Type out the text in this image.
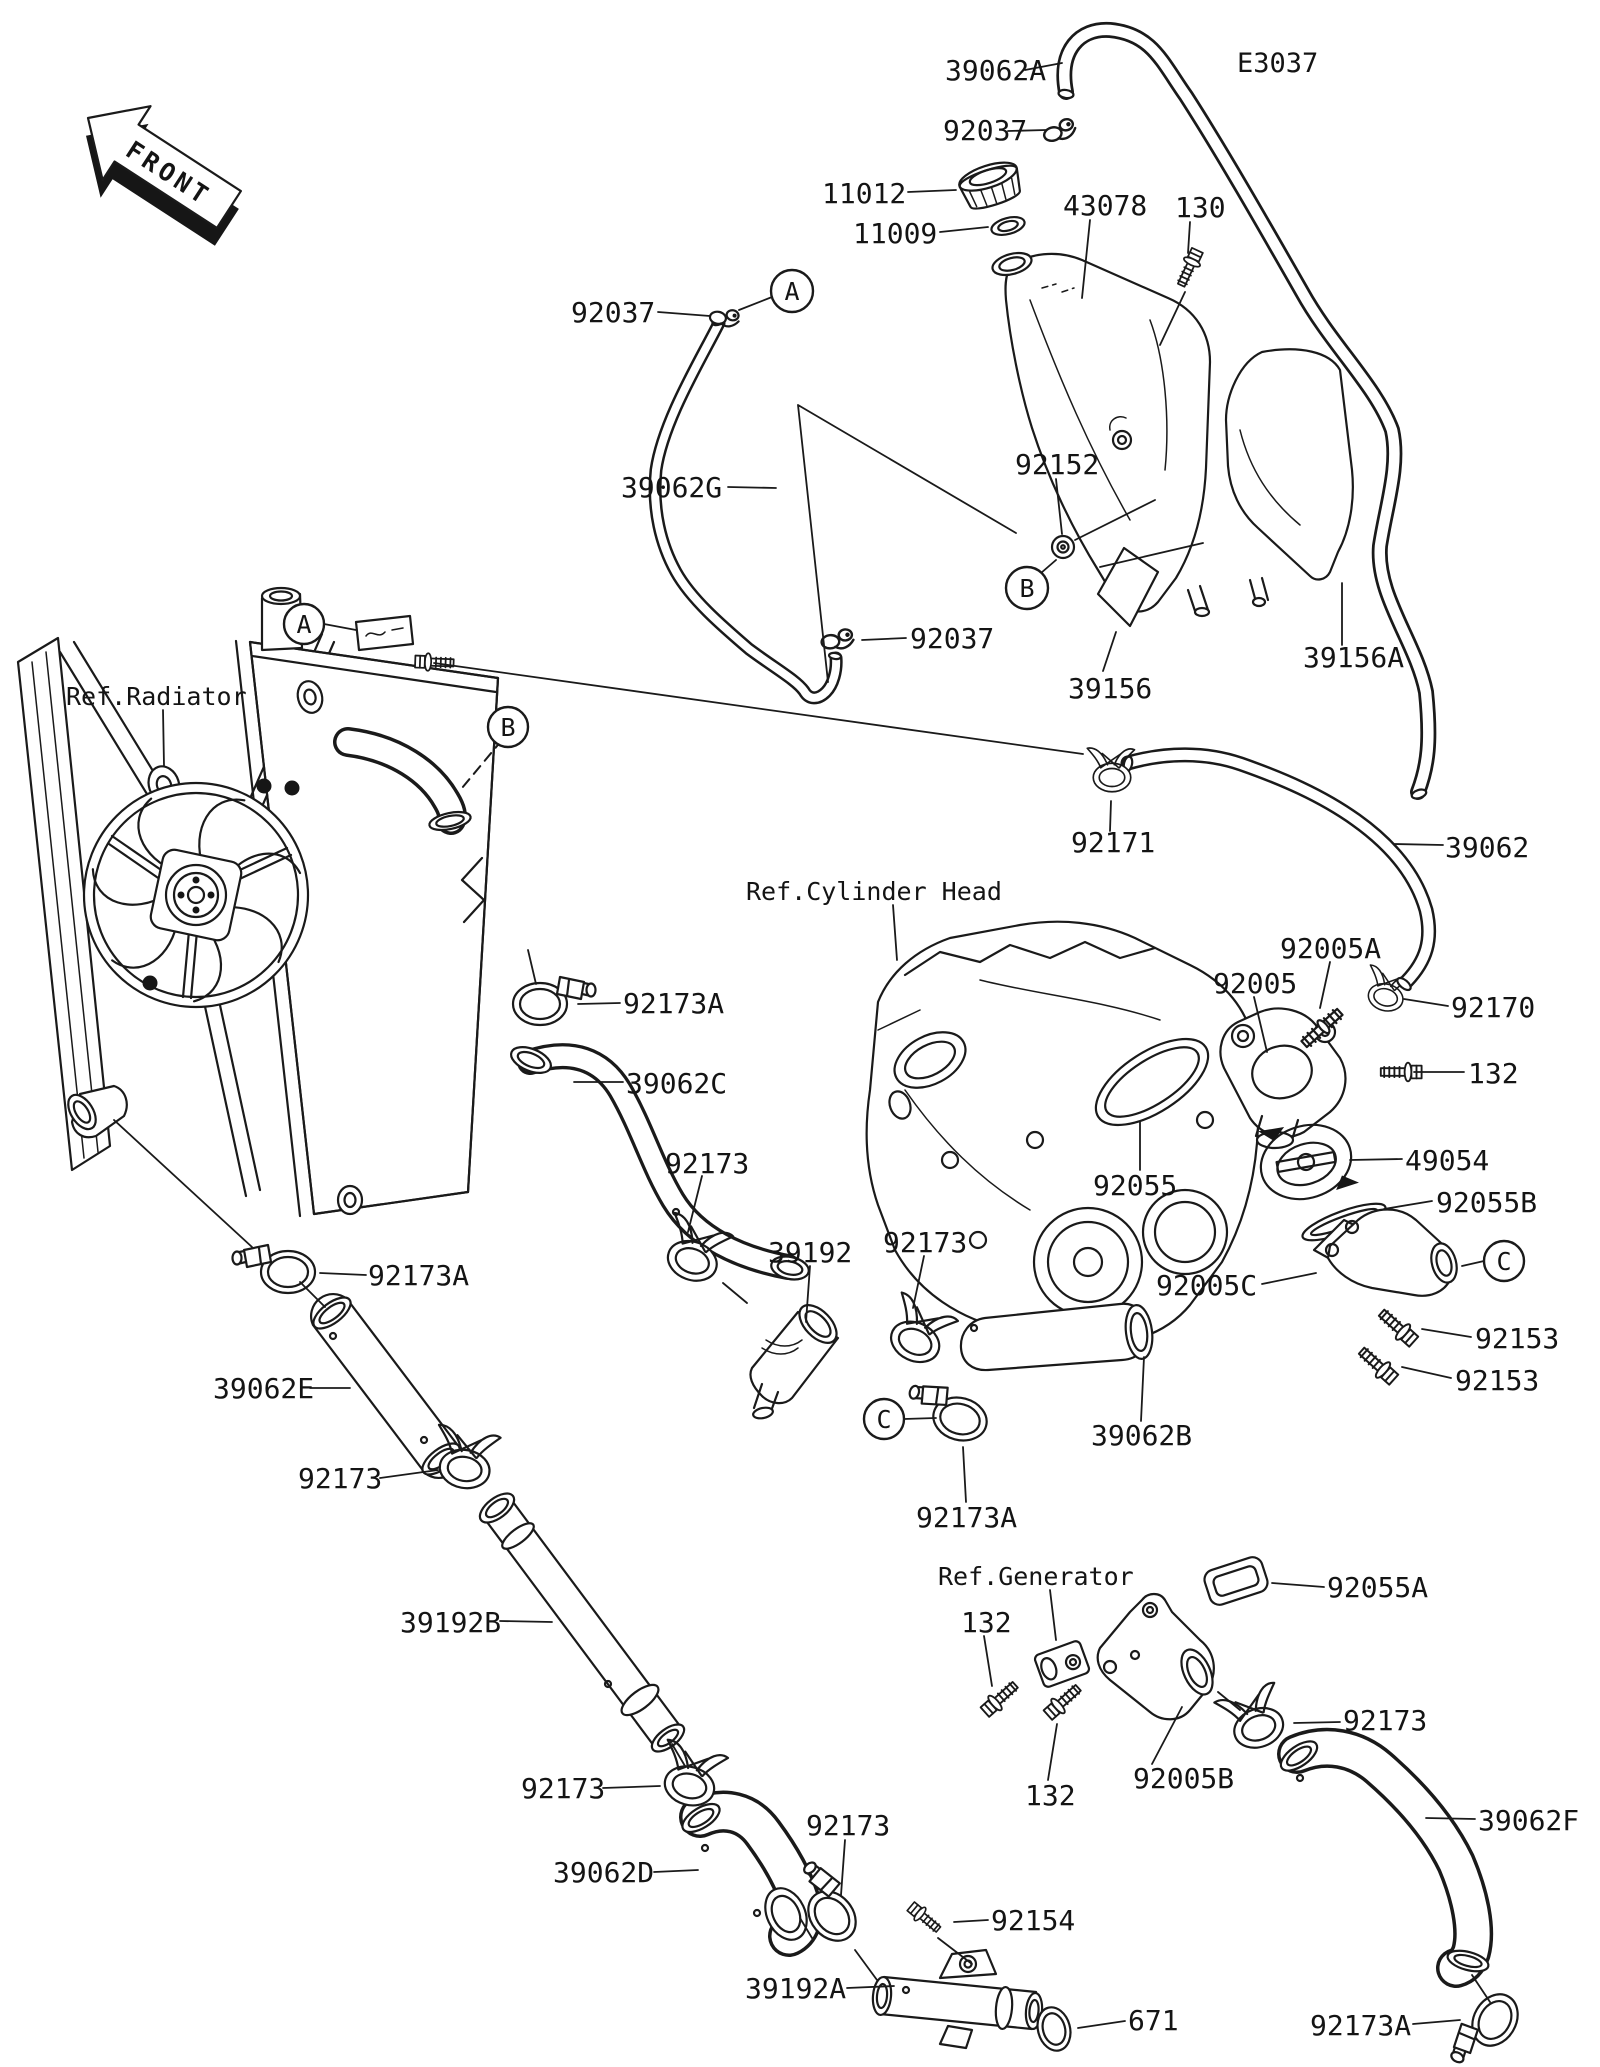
FRONT
A
B
A
B
C
C
E3037
39062A
92037
11012
11009
43078 130
92037
39062G
92152
92037
39156
39156A
Ref.Radiator
92171	39062
Ref.Cylinder Head
92005A
92005
92170
132
49054
92055
92055B
92005C
92153
92153
92173A
39062C
92173
39192 92173
92173A
39062B
92173A
39062E
92173
39192B
92173
39062D
92173
92154
39192A
671
Ref.Generator
132
132
92055A
92005B
92173
39062F
92173A
